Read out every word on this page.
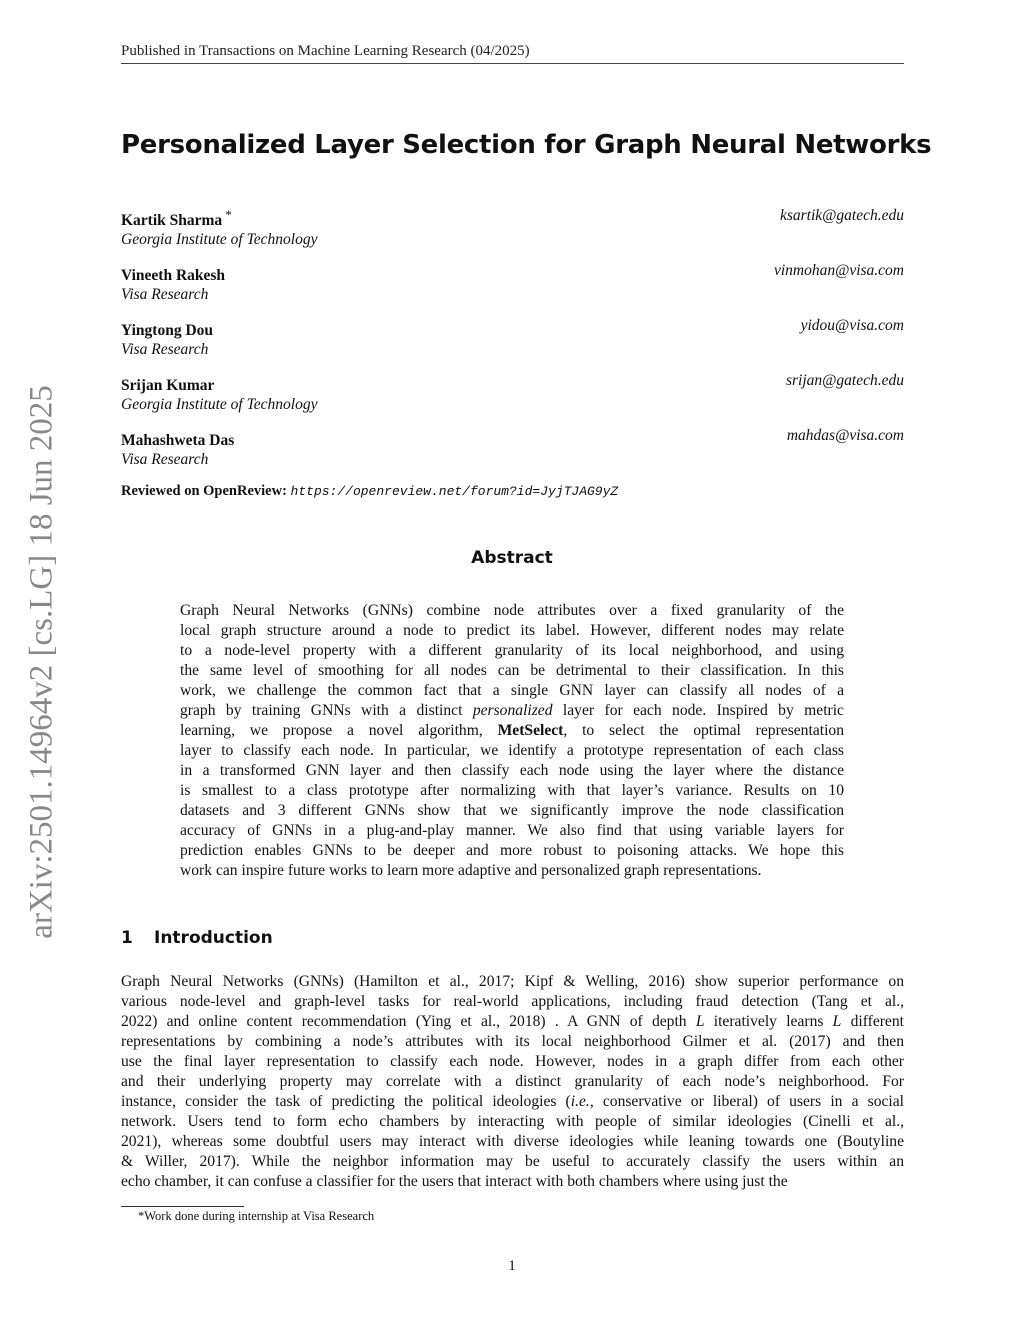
Published in Transactions on Machine Learning Research (04/2025)
Personalized Layer Selection for Graph Neural Networks
Kartik Sharma *	ksartik@gatech.edu
Georgia Institute of Technology
Vineeth Rakesh	vinmohan@visa.com
Visa Research
Yingtong Dou	yidou@visa.com
Visa Research
Srijan Kumar	srijan@gatech.edu
Georgia Institute of Technology
Mahashweta Das	mahdas@visa.com
Visa Research
Reviewed on OpenReview: https://openreview.net/forum?id=JyjTJAG9yZ
Abstract
Graph Neural Networks (GNNs) combine node attributes over a fixed granularity of the
local graph structure around a node to predict its label. However, different nodes may relate
to a node-level property with a different granularity of its local neighborhood, and using
the same level of smoothing for all nodes can be detrimental to their classification. In this
work, we challenge the common fact that a single GNN layer can classify all nodes of a
graph by training GNNs with a distinct personalized layer for each node. Inspired by metric
learning, we propose a novel algorithm, MetSelect, to select the optimal representation
layer to classify each node. In particular, we identify a prototype representation of each class
in a transformed GNN layer and then classify each node using the layer where the distance
is smallest to a class prototype after normalizing with that layer’s variance. Results on 10
datasets and 3 different GNNs show that we significantly improve the node classification
accuracy of GNNs in a plug-and-play manner. We also find that using variable layers for
prediction enables GNNs to be deeper and more robust to poisoning attacks. We hope this
work can inspire future works to learn more adaptive and personalized graph representations.
1 Introduction
Graph Neural Networks (GNNs) (Hamilton et al., 2017; Kipf & Welling, 2016) show superior performance on
various node-level and graph-level tasks for real-world applications, including fraud detection (Tang et al.,
2022) and online content recommendation (Ying et al., 2018) . A GNN of depth L iteratively learns L different
representations by combining a node’s attributes with its local neighborhood Gilmer et al. (2017) and then
use the final layer representation to classify each node. However, nodes in a graph differ from each other
and their underlying property may correlate with a distinct granularity of each node’s neighborhood. For
instance, consider the task of predicting the political ideologies (i.e., conservative or liberal) of users in a social
network. Users tend to form echo chambers by interacting with people of similar ideologies (Cinelli et al.,
2021), whereas some doubtful users may interact with diverse ideologies while leaning towards one (Boutyline
& Willer, 2017). While the neighbor information may be useful to accurately classify the users within an
echo chamber, it can confuse a classifier for the users that interact with both chambers where using just the
*Work done during internship at Visa Research
1
arXiv:2501.14964v2 [cs.LG] 18 Jun 2025
